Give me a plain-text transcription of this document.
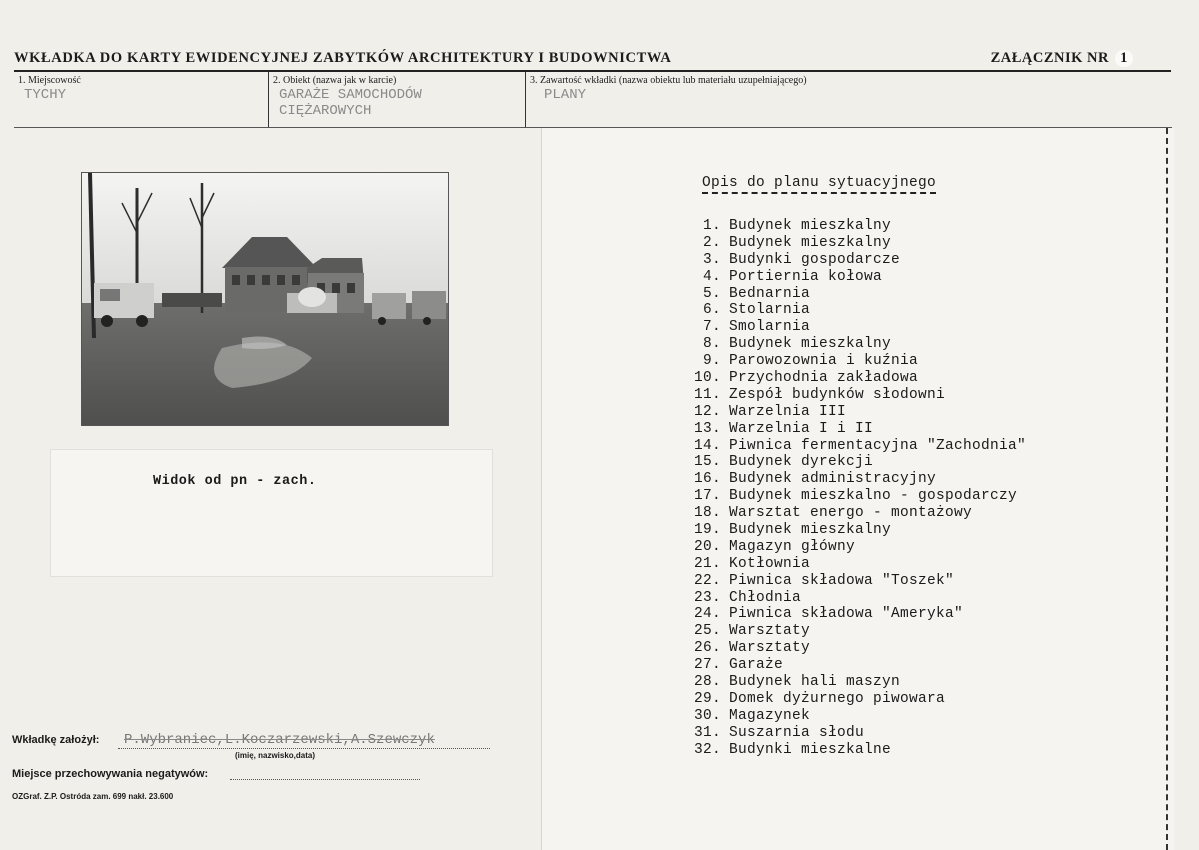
WKŁADKA DO KARTY EWIDENCYJNEJ ZABYTKÓW ARCHITEKTURY I BUDOWNICTWA	ZAŁĄCZNIK NR 1
1. Miejscowość
TYCHY
2. Obiekt (nazwa jak w karcie)
GARAŻE SAMOCHODÓW
CIĘŻAROWYCH
3. Zawartość wkładki (nazwa obiektu lub materiału uzupełniającego)
PLANY
Widok od pn - zach.
Wkładkę założył: P.Wybraniec,L.Koczarzewski,A.Szewczyk
(imię, nazwisko,data)
Miejsce przechowywania negatywów:
OZGraf. Z.P. Ostróda zam. 699 nakł. 23.600
Opis do planu sytuacyjnego
1. Budynek mieszkalny
2. Budynek mieszkalny
3. Budynki gospodarcze
4. Portiernia kołowa
5. Bednarnia
6. Stolarnia
7. Smolarnia
8. Budynek mieszkalny
9. Parowozownia i kuźnia
10. Przychodnia zakładowa
11. Zespół budynków słodowni
12. Warzelnia III
13. Warzelnia I i II
14. Piwnica fermentacyjna "Zachodnia"
15. Budynek dyrekcji
16. Budynek administracyjny
17. Budynek mieszkalno - gospodarczy
18. Warsztat energo - montażowy
19. Budynek mieszkalny
20. Magazyn główny
21. Kotłownia
22. Piwnica składowa "Toszek"
23. Chłodnia
24. Piwnica składowa "Ameryka"
25. Warsztaty
26. Warsztaty
27. Garaże
28. Budynek hali maszyn
29. Domek dyżurnego piwowara
30. Magazynek
31. Suszarnia słodu
32. Budynki mieszkalne
